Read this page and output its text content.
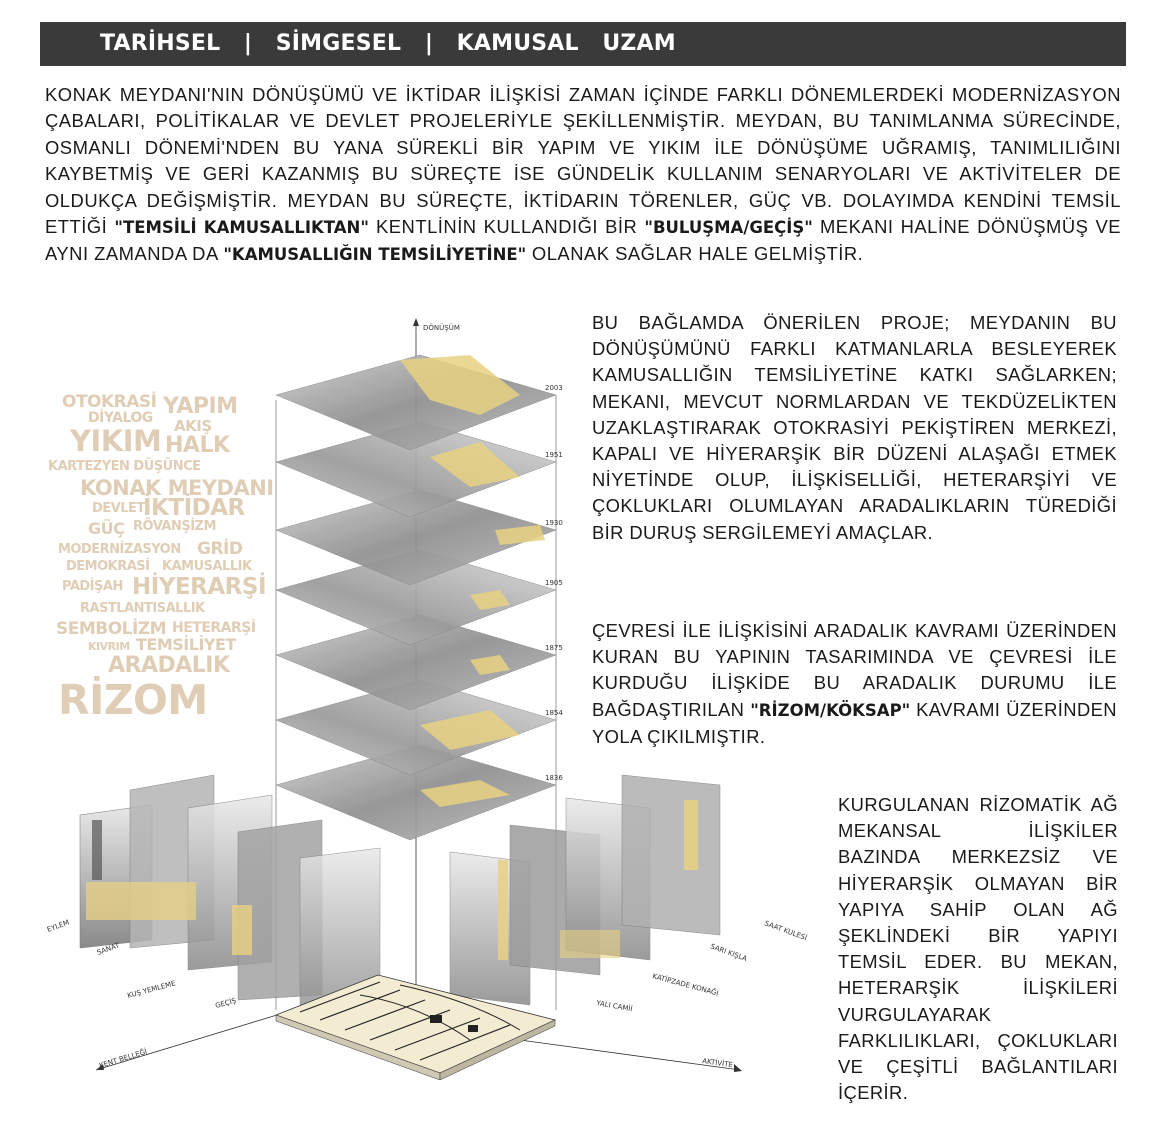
TARİHSEL   |   SİMGESEL   |   KAMUSAL   UZAM
KONAK MEYDANI'NIN DÖNÜŞÜMÜ VE İKTİDAR İLİŞKİSİ ZAMAN İÇİNDE FARKLI DÖNEMLERDEKİ MODERNİZASYON ÇABALARI, POLİTİKALAR VE DEVLET PROJELERİYLE ŞEKİLLENMİŞTİR. MEYDAN, BU TANIMLANMA SÜRECİNDE, OSMANLI DÖNEMİ'NDEN BU YANA SÜREKLİ BİR YAPIM VE YIKIM İLE DÖNÜŞÜME UĞRAMIŞ, TANIMLILIĞINI KAYBETMİŞ VE GERİ KAZANMIŞ BU SÜREÇTE İSE GÜNDELİK KULLANIM SENARYOLARI VE AKTİVİTELER DE OLDUKÇA DEĞİŞMİŞTİR. MEYDAN BU SÜREÇTE, İKTİDARIN TÖRENLER, GÜÇ VB. DOLAYIMDA KENDİNİ TEMSİL ETTİĞİ "TEMSİLİ KAMUSALLIKTAN" KENTLİNİN KULLANDIĞI BİR "BULUŞMA/GEÇİŞ" MEKANI HALİNE DÖNÜŞMÜŞ VE AYNI ZAMANDA DA "KAMUSALLIĞIN TEMSİLİYETİNE" OLANAK SAĞLAR HALE GELMİŞTİR.
BU BAĞLAMDA ÖNERİLEN PROJE; MEYDANIN BU DÖNÜŞÜMÜNÜ FARKLI KATMANLARLA BESLEYEREK KAMUSALLIĞIN TEMSİLİYETİNE KATKI SAĞLARKEN; MEKANI, MEVCUT NORMLARDAN VE TEKDÜZELİKTEN UZAKLAŞTIRARAK OTOKRASİYİ PEKİŞTİREN MERKEZİ, KAPALI VE HİYERARŞİK BİR DÜZENİ ALAŞAĞI ETMEK NİYETİNDE OLUP, İLİŞKİSELLİĞİ, HETERARŞİYİ VE ÇOKLUKLARI OLUMLAYAN ARADALIKLARIN TÜREDİĞİ BİR DURUŞ SERGİLEMEYİ AMAÇLAR.
ÇEVRESİ İLE İLİŞKİSİNİ ARADALIK KAVRAMI ÜZERİNDEN KURAN BU YAPININ TASARIMINDA VE ÇEVRESİ İLE KURDUĞU İLİŞKİDE BU ARADALIK DURUMU İLE BAĞDAŞTIRILAN "RİZOM/KÖKSAP" KAVRAMI ÜZERİNDEN YOLA ÇIKILMIŞTIR.
KURGULANAN RİZOMATİK AĞ MEKANSAL İLİŞKİLER BAZINDA MERKEZSİZ VE HİYERARŞİK OLMAYAN BİR YAPIYA SAHİP OLAN AĞ ŞEKLİNDEKİ BİR YAPIYI TEMSİL EDER. BU MEKAN, HETERARŞİK İLİŞKİLERİ VURGULAYARAK FARKLILIKLARI, ÇOKLUKLARI VE ÇEŞİTLİ BAĞLANTILARI İÇERİR.
OTOKRASİ YAPIM
DİYALOG AKIŞ
YIKIM HALK
KARTEZYEN DÜŞÜNCE
KONAK MEYDANI
DEVLET
İKTİDAR
GÜÇ RÖVANŞİZM
MODERNİZASYON GRİD
DEMOKRASİ KAMUSALLIK
PADİŞAH HİYERARŞİ
RASTLANTISALLIK
SEMBOLİZM HETERARŞİ
KIVRIM TEMSİLİYET
ARADALIK
RİZOM
DÖNÜŞÜM
KENT BELLEĞİ	AKTİVİTE
2003
1951
1930
1905
1875
1854
1836
EYLEM
SANAT
KUŞ YEMLEME
GEÇİŞ
SAAT KULESİ
SARI KIŞLA
KATİPZADE KONAĞI
YALI CAMİİ
